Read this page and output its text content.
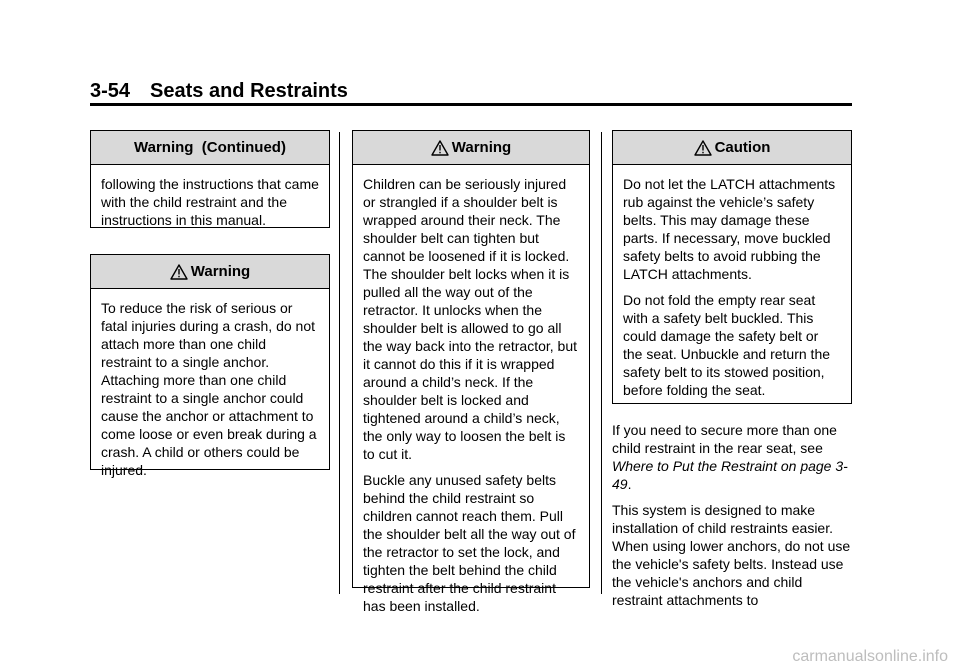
3-54 Seats and Restraints
Warning  (Continued)

following the instructions that came with the child restraint and the instructions in this manual.

Warning

To reduce the risk of serious or fatal injuries during a crash, do not attach more than one child restraint to a single anchor. Attaching more than one child restraint to a single anchor could cause the anchor or attachment to come loose or even break during a crash. A child or others could be injured.

Warning

Children can be seriously injured or strangled if a shoulder belt is wrapped around their neck. The shoulder belt can tighten but cannot be loosened if it is locked. The shoulder belt locks when it is pulled all the way out of the retractor. It unlocks when the shoulder belt is allowed to go all the way back into the retractor, but it cannot do this if it is wrapped around a child’s neck. If the shoulder belt is locked and tightened around a child’s neck, the only way to loosen the belt is to cut it.

Buckle any unused safety belts behind the child restraint so children cannot reach them. Pull the shoulder belt all the way out of the retractor to set the lock, and tighten the belt behind the child restraint after the child restraint has been installed.

Caution

Do not let the LATCH attachments rub against the vehicle’s safety belts. This may damage these parts. If necessary, move buckled safety belts to avoid rubbing the LATCH attachments.

Do not fold the empty rear seat with a safety belt buckled. This could damage the safety belt or the seat. Unbuckle and return the safety belt to its stowed position, before folding the seat.

If you need to secure more than one child restraint in the rear seat, see Where to Put the Restraint on page 3-49.

This system is designed to make installation of child restraints easier. When using lower anchors, do not use the vehicle's safety belts. Instead use the vehicle's anchors and child restraint attachments to

carmanualsonline.info
